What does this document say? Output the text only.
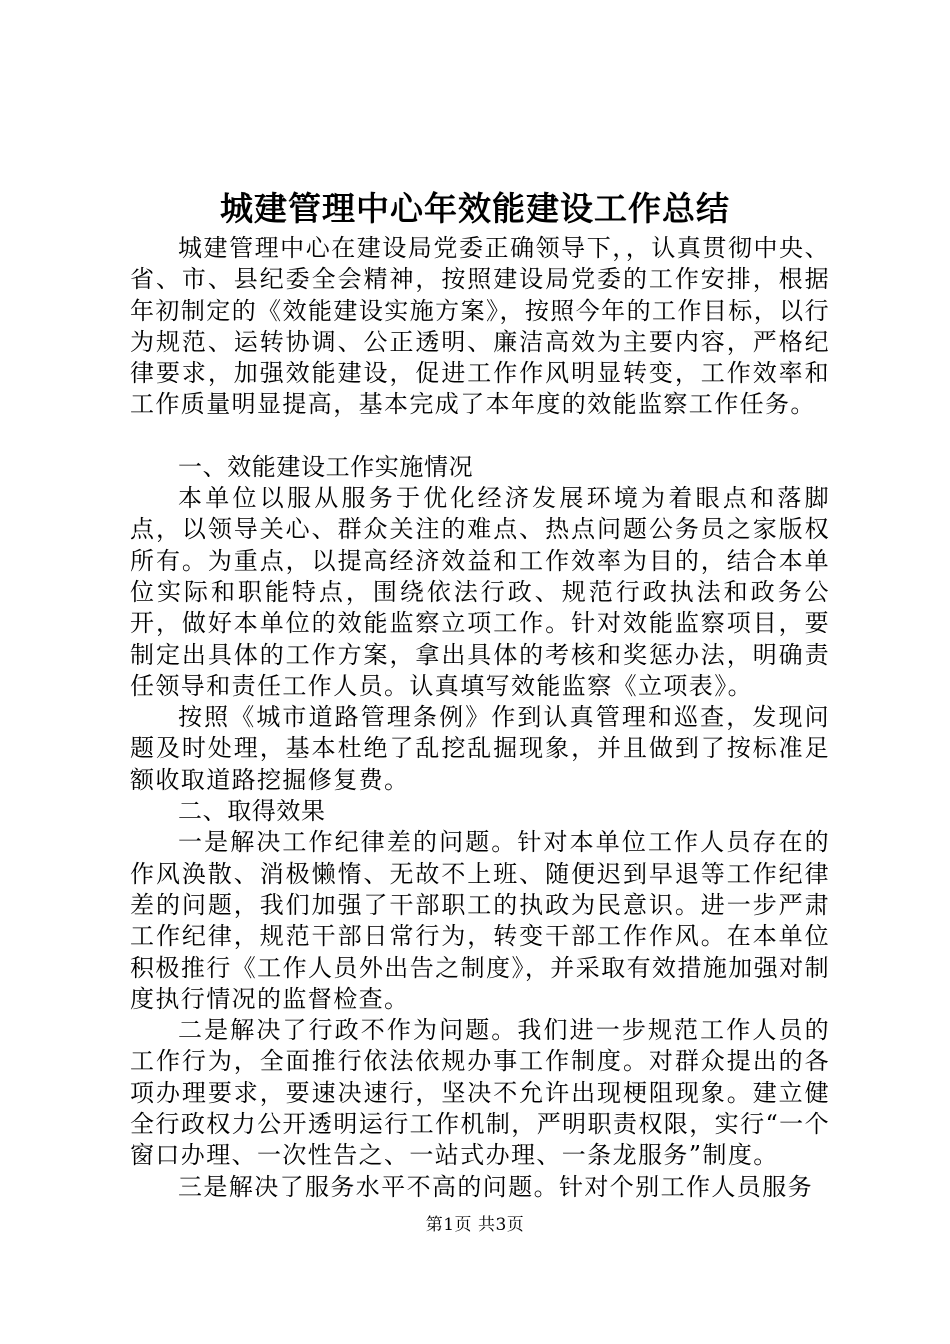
城建管理中心年效能建设工作总结

城建管理中心在建设局党委正确领导下，，认真贯彻中央、省、市、县纪委全会精神，按照建设局党委的工作安排，根据年初制定的《效能建设实施方案》，按照今年的工作目标，以行为规范、运转协调、公正透明、廉洁高效为主要内容，严格纪律要求，加强效能建设，促进工作作风明显转变，工作效率和工作质量明显提高，基本完成了本年度的效能监察工作任务。

一、效能建设工作实施情况

本单位以服从服务于优化经济发展环境为着眼点和落脚点，以领导关心、群众关注的难点、热点问题公务员之家版权所有。为重点，以提高经济效益和工作效率为目的，结合本单位实际和职能特点，围绕依法行政、规范行政执法和政务公开，做好本单位的效能监察立项工作。针对效能监察项目，要制定出具体的工作方案，拿出具体的考核和奖惩办法，明确责任领导和责任工作人员。认真填写效能监察《立项表》。

按照《城市道路管理条例》作到认真管理和巡查，发现问题及时处理，基本杜绝了乱挖乱掘现象，并且做到了按标准足额收取道路挖掘修复费。

二、取得效果

一是解决工作纪律差的问题。针对本单位工作人员存在的作风涣散、消极懒惰、无故不上班、随便迟到早退等工作纪律差的问题，我们加强了干部职工的执政为民意识。进一步严肃工作纪律，规范干部日常行为，转变干部工作作风。在本单位积极推行《工作人员外出告之制度》，并采取有效措施加强对制度执行情况的监督检查。

二是解决了行政不作为问题。我们进一步规范工作人员的工作行为，全面推行依法依规办事工作制度。对群众提出的各项办理要求，要速决速行，坚决不允许出现梗阻现象。建立健全行政权力公开透明运行工作机制，严明职责权限，实行“一个窗口办理、一次性告之、一站式办理、一条龙服务”制度。

三是解决了服务水平不高的问题。针对个别工作人员服务

第1页 共3页
